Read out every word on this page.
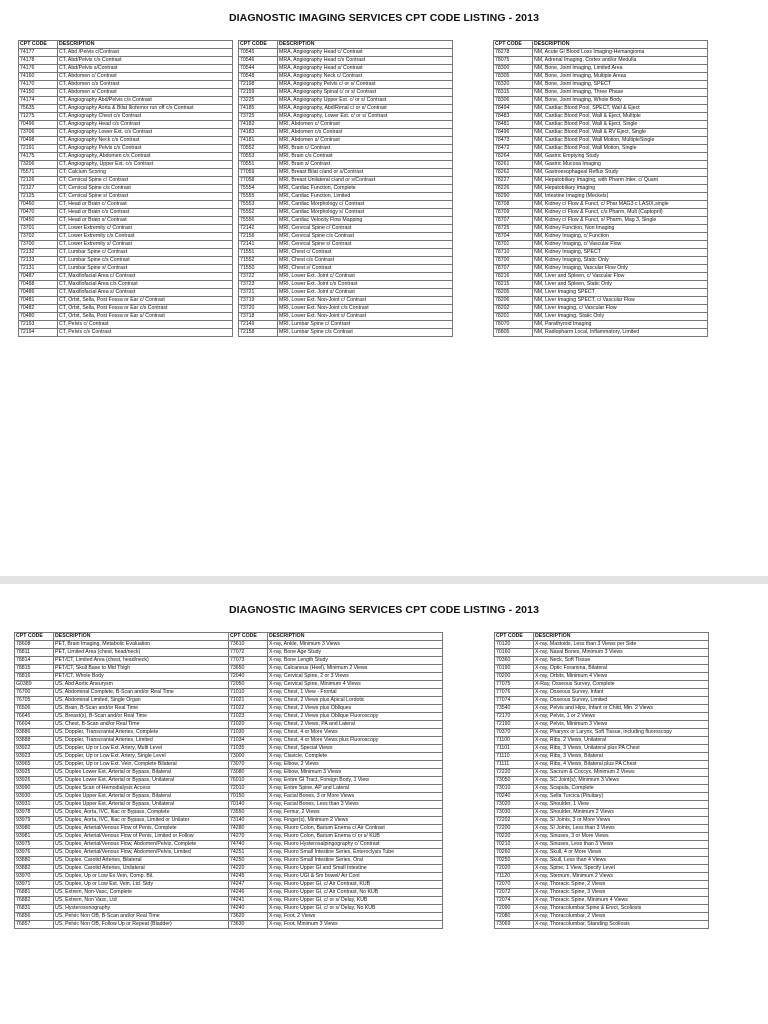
DIAGNOSTIC IMAGING SERVICES CPT CODE LISTING - 2013
DIAGNOSTIC IMAGING SERVICES CPT CODE LISTING - 2013
CPT CODE	DESCRIPTION
74177	CT, Abd /Pelvis c/Contrast
74178	CT, Abd/Pelvis c/s Contrast
74176	CT, Abd/Pelvis s/Contrast
74160	CT, Abdomen c/ Contrast
74170	CT, Abdomen c/s Contrast
74150	CT, Abdomen s/ Contrast
74174	CT, Angiography Abd/Pelvis c/s Contrast
75635	CT, Angiography Aorta & Bilat Iliofemor run off c/s Contrast
71275	CT, Angiography Chest c/s Contrast
70496	CT, Angiography Head c/s Contrast
73706	CT, Angiography Lower Ext. c/s Contrast
70498	CT, Angiography Neck c/s Contrast
72191	CT, Angiography Pelvis c/s Contrast
74175	CT, Angiography, Abdomen c/s Contrast
73206	CT, Angiography, Upper Ext. c/s Contrast
75571	CT, Calcium Scoring
72126	CT, Cervical Spine c/ Contrast
72127	CT, Cervical Spine c/s Contrast
72125	CT, Cervical Spine s/ Contrast
70460	CT, Head or Brain c/ Contrast
70470	CT, Head or Brain c/s Contrast
70450	CT, Head or Brain s/ Contrast
73701	CT, Lower Extremity c/ Contrast
73702	CT, Lower Extremity c/s Contrast
73700	CT, Lower Extremity s/ Contrast
72132	CT, Lumbar Spine c/ Contrast
72133	CT, Lumbar Spine c/s Contrast
72131	CT, Lumbar Spine s/ Contrast
70487	CT, Maxillofacial Area c/ Contrast
70488	CT, Maxillofacial Area c/s Contrast
70486	CT, Maxillofacial Area s/ Contrast
70481	CT, Orbit, Sella, Post Fossa or Ear c/ Contrast
70482	CT, Orbit, Sella, Post Fossa or Ear c/s Contrast
70480	CT, Orbit, Sella, Post Fossa or Ear s/ Contrast
72193	CT, Pelvis c/ Contrast
72194	CT, Pelvis c/s Contrast
CPT CODE	DESCRIPTION
70545	MRA, Angiography Head c/ Contrast
70546	MRA, Angiography Head c/s Contrast
70544	MRA, Angiography Head s/ Contrast
70548	MRA, Angiography Neck c/ Contrast
72198	MRA, Angiography Pelvis c/ or s/ Contrast
72159	MRA, Angiography Spinal c/ or s/ Contrast
73225	MRA, Angiography Upper Ext. c/ or s/ Contrast
74185	MRA, Angiography, Abd/Renal c/ or s/ Contrast
73725	MRA, Angiography, Lower Ext. c/ or s/ Contrast
74182	MRI, Abdomen c/ Contrast
74183	MRI, Abdomen c/s Contrast
74181	MRI, Abdomen s/ Contrast
70552	MRI, Brain c/ Contrast
70553	MRI, Brain c/s Contrast
70551	MRI, Brain s/ Contrast
77059	MRI, Breast Bilat c/and or s/Contrast
77058	MRI, Breast Unilateral c/and or s/Contrast
75554	MRI, Cardiac Function, Complete
75555	MRI, Cardiac Function, Limited
75553	MRI, Cardiac Morphology c/ Contrast
75552	MRI, Cardiac Morphology s/ Contrast
75556	MRI, Cardiac Velocity Flow Mapping
72142	MRI, Cervical Spine c/ Contrast
72156	MRI, Cervical Spine c/s Contrast
72141	MRI, Cervical Spine s/ Contrast
71551	MRI, Chest c/ Contrast
71552	MRI, Chest c/s Contrast
71550	MRI, Chest s/ Contrast
73722	MRI, Lower Ext. Joint c/ Contrast
73723	MRI, Lower Ext. Joint c/s Contrast
73721	MRI, Lower Ext. Joint s/ Contrast
73719	MRI, Lower Ext. Non-Joint c/ Contrast
73720	MRI, Lower Ext. Non-Joint c/s Contrast
73718	MRI, Lower Ext. Non-Joint s/ Contrast
72149	MRI, Lumbar Spine c/ Contrast
72158	MRI, Lumbar Spine c/s Contrast
CPT CODE	DESCRIPTION
78278	NM, Acute GI Blood Loss Imaging-Hemangioma
78075	NM, Adrenal Imaging, Cortex and/or Medulla
78300	NM, Bone, Joint Imaging, Limited Area
78305	NM, Bone, Joint Imaging, Multiple Areas
78320	NM, Bone, Joint Imaging, SPECT
78315	NM, Bone, Joint Imaging, Three Phase
78306	NM, Bone, Joint Imaging, Whole Body
78494	NM, Cardiac Blood Pool, SPECT, Wall & Eject
78483	NM, Cardiac Blood Pool, Wall & Eject, Multiple
78481	NM, Cardiac Blood Pool, Wall & Eject, Single
78496	NM, Cardiac Blood Pool, Wall & RV Eject, Single
78473	NM, Cardiac Blood Pool, Wall Motion, MultipleSingle
78472	NM, Cardiac Blood Pool, Wall Motion, Single
78264	NM, Gastric Emptying Study
78261	NM, Gastric Mucosa Imaging
78262	NM, Gastroesophageal Reflux Study
78227	NM, Hepatobiliary Imaging, with Pharm Inter. c/ Quant
78226	NM, Hepatobiliary Imaging
78290	NM, Intestine Imaging (Meckels)
78708	NM, Kidney c/ Flow & Funct, c/ Phar MAG3 c LASIX,single
78709	NM, Kidney c/ Flow & Funct, c/s Pharm, Mult (Captopril)
78707	NM, Kidney c/ Flow & Funct, s/ Pharm, Mag 3, Single
78725	NM, Kidney Function, Non Imaging
78704	NM, Kidney Imaging, c/ Function
78701	NM, Kidney Imaging, c/ Vascular Flow
78710	NM, Kidney Imaging, SPECT
78700	NM, Kidney Imaging, Static Only
78707	NM, Kidney Imaging, Vascular Flow Only
78216	NM, Liver and Spleen, c/ Vascular Flow
78215	NM, Liver and Spleen, Static Only
78205	NM, Liver Imaging SPECT
78206	NM, Liver Imaging SPECT, c/ Vascular Flow
78202	NM, Liver Imaging, c/ Vascular Flow
78201	NM, Liver Imaging, Static Only
78070	NM, Parathyroid Imaging
78805	NM, Radiopharm Local, Inflammatory, Limited
CPT CODE	DESCRIPTION
78608	PET, Brain Imaging, Metabolic Evaluation
78811	PET, Limited Area (chest, head/neck)
78814	PET/CT, Limited Area (chest, head/neck)
78815	PET/CT, Skull Base to Mid Thigh
78816	PET/CT, Whole Body
G0389	US, Abd Aortic Aneurysm
76700	US, Abdominal Complete, B-Scan and/or Real Time
76705	US, Abdominal Limited, Single Organ
76506	US, Brain, B-Scan and/or Real Time
76645	US, Breast(s), B-Scan and/or Real Time
76604	US, Chest, B-Scan and/or Real Time
93886	US, Doppler, Transcranial Arteries, Complete
93888	US, Doppler, Transcranial Arteries, Limited
93922	US, Doppler, Up or Low Ext. Artery, Multi Level
93923	US, Doppler, Up or Low Ext. Artery, Single Level
93965	US, Doppler, Up or Low Ext. Vein, Complete Bilateral
93925	US, Duplex Lower Ext. Arterial or Bypass, Bilateral
93926	US, Duplex Lower Ext. Arterial or Bypass, Unilateral
93990	US, Duplex Scan of Hemodialysis Access
93930	US, Duplex Upper Ext. Arterial or Bypass, Bilateral
93931	US, Duplex Upper Ext. Arterial or Bypass, Unilateral
93978	US, Duplex, Aorta, IVC, Iliac or Bypass, Complete
93979	US, Duplex, Aorta, IVC, Iliac or Bypass, Limited or Unilater
93980	US, Duplex, Arterial/Venous Flow of Penis, Complete
93981	US, Duplex, Arterial/Venous Flow of Penis, Limited or Follow
93975	US, Duplex, Arterial/Venous Flow, Abdomen/Pelvis, Complete
93976	US, Duplex, Arterial/Venous Flow, Abdomen/Pelvis, Limited
93880	US, Duplex, Carotid Arteries, Bilateral
93882	US, Duplex, Carotid Arteries, Unilateral
93970	US, Duplex, Up or Low Ex.Vein, Comp. Bil.
93971	US, Duplex, Up or Low Ext. Vein, Ltd. Stdy
76881	US, Extrem, Non-Vasc, Complete
76882	US, Extrem, Non Vasc, Ltd
76831	US, Hysterosonography
76856	US, Pelvic Non OB, B-Scan and/or Real Time
76857	US, Pelvic Non OB, Follow Up or Repeat (Bladder)
CPT CODE	DESCRIPTION
73610	X-ray, Ankle, Minimum 3 Views
77072	X-ray, Bone Age Study
77073	X-ray, Bone Length Study
73650	X-ray, Calcaneus (Heel), Minimum 2 Views
72040	X-ray, Cervical Spine, 2 or 3 Views
72050	X-ray, Cervical Spine, Minimum 4 Views
71010	X-ray, Chest, 1 View - Frontal
71021	X-ray, Chest, 2 Views plus Apical Lordotic
71022	X-ray, Chest, 2 Views plus Obliques
71023	X-ray, Chest, 2 Views plus Oblique Fluoroscopy
71020	X-ray, Chest, 2 Views, PA and Lateral
71030	X-ray, Chest, 4 or More Views
71034	X-ray, Chest, 4 or More Views plus Fluoroscopy
71035	X-ray, Chest, Special Views
73000	X-ray, Clavicle, Complete
73070	X-ray, Elbow, 2 Views
73080	X-ray, Elbow, Minimum 3 Views
76010	X-ray, Entire GI Tract, Foreign Body, 1 View
72010	X-ray, Entire Spine, AP and Lateral
70150	X-ray, Facial Bones, 3 or More Views
70140	X-ray, Facial Bones, Less than 3 Views
73550	X-ray, Femur, 2 Views
73140	X-ray, Finger(s), Minimum 2 Views
74280	X-ray, Fluoro Colon, Barium Enema c/ Air Contrast
74270	X-ray, Fluoro Colon, Barium Enema c/ or s/ KUB
74740	X-ray, Fluoro Hysterosalpingography c/ Contrast
74251	X-ray, Fluoro Small Intestine Series, Enteroclysis Tube
74250	X-ray, Fluoro Small Intestine Series, Oral
74220	X-ray, Fluoro Upper GI and Small Intestine
74245	X-ray, Fluoro UGI & Sm bowel/ Air Cont
74247	X-ray, Fluoro Upper GI, c/ Air Contrast, KUB
74246	X-ray, Fluoro Upper GI, c/ Air Contrast, No KUB
74241	X-ray, Fluoro Upper GI, c/ or s/ Delay, KUB
74240	X-ray, Fluoro Upper GI, c/ or s/ Delay, No KUB
73620	X-ray, Foot, 2 Views
73630	X-ray, Foot, Minimum 3 Views
CPT CODE	DESCRIPTION
70120	X-ray, Mastoids, Less than 3 Views per Side
70160	X-ray, Nasal Bones, Minimum 3 Views
70360	X-ray, Neck, Soft Tissue
70190	X-ray, Optic Foramina, Bilateral
70200	X-ray, Orbits, Minimum 4 Views
77075	X-Ray, Osseous Survey, Complete
77076	X-ray, Osseous Survey, Infant
77074	X-ray, Osseous Survey, Limited
73540	X-ray, Pelvis and Hips, Infant or Child, Min. 2 Views
72170	X-ray, Pelvis, 1 or 2 Views
72190	X-ray, Pelvis, Minimum 3 Views
70370	X-ray, Pharynx or Larynx, Soft Tissue, including fluoroscopy
71100	X-ray, Ribs, 2 Views, Unilateral
71101	X-ray, Ribs, 3 Views, Unilateral plus PA Chest
71110	X-ray, Ribs, 3 Views, Bilateral
71111	X-ray, Ribs, 4 Views, Bilateral plus PA Chest
72220	X-ray, Sacrum & Coccyx, Minimum 2 Views
73050	X-ray, SC Joint(s), Minimum 3 Views
73010	X-ray, Scapula, Complete
70240	X-ray, Sella Turcica (Pituitary)
73020	X-ray, Shoulder, 1 View
73030	X-ray, Shoulder, Minimum 2 Views
72202	X-ray, SI Joints, 3 or More Views
72200	X-ray, SI Joints, Less than 3 Views
70220	X-ray, Sinuses, 3 or More Views
70210	X-ray, Sinuses, Less than 3 Views
70260	X-ray, Skull, 4 or More Views
70250	X-ray, Skull, Less than 4 Views
72020	X-ray, Spine, 1 View, Specify Level
71120	X-ray, Sternum, Minimum 2 Views
72070	X-ray, Thoracic Spine, 2 Views
72072	X-ray, Thoracic Spine, 3 Views
72074	X-ray, Thoracic Spine, Minimum 4 Views
72090	X-ray, Thoracolumbar Spine & Erect, Scoliosis
72080	X-ray, Thoracolumbar, 2 Views
73069	X-ray, Thoracolumbar, Standing Scoliosis
